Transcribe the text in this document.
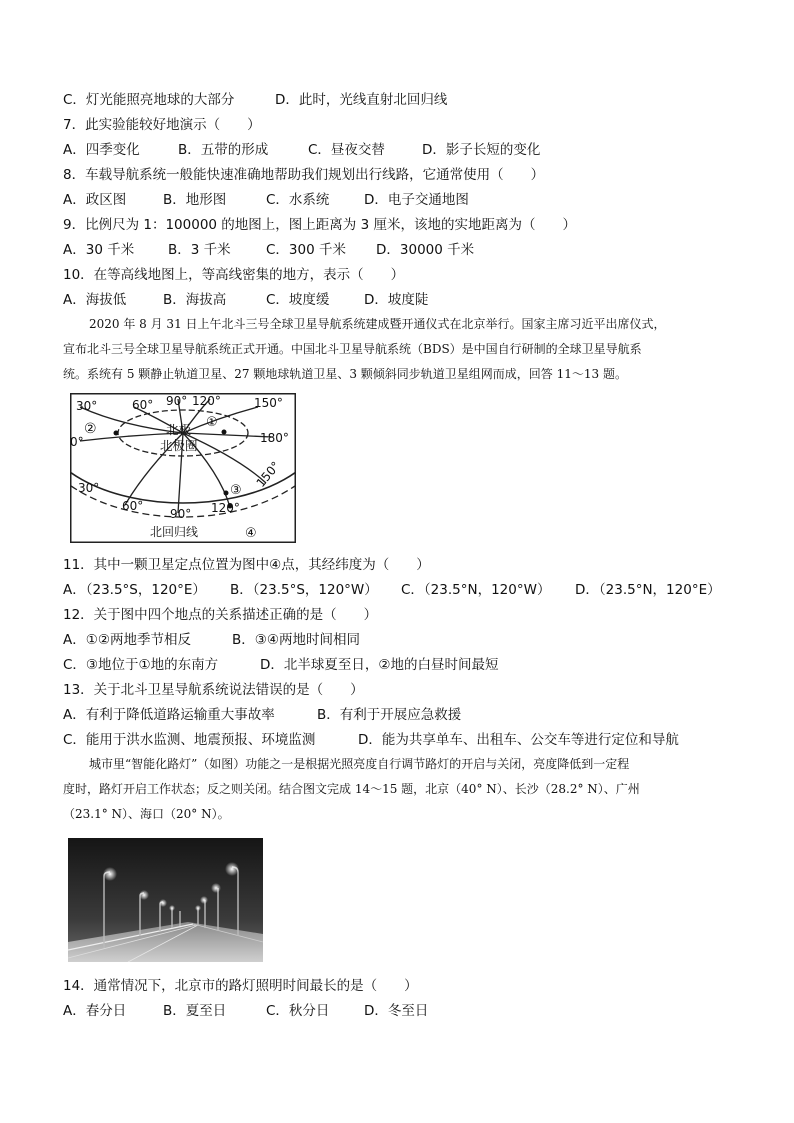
C．灯光能照亮地球的大部分	D．此时，光线直射北回归线
7．此实验能较好地演示（　　）
A．四季变化	B．五带的形成	C．昼夜交替	D．影子长短的变化
8．车载导航系统一般能快速准确地帮助我们规划出行线路，它通常使用（　　）
A．政区图	B．地形图	C．水系统	D．电子交通地图
9．比例尺为 1：100000 的地图上，图上距离为 3 厘米，该地的实地距离为（　　）
A．30 千米	B．3 千米	C．300 千米 D．30000 千米
10．在等高线地图上，等高线密集的地方，表示（　　）
A．海拔低	B．海拔高	C．坡度缓	D．坡度陡
2020 年 8 月 31 日上午北斗三号全球卫星导航系统建成暨开通仪式在北京举行。国家主席习近平出席仪式，
宣布北斗三号全球卫星导航系统正式开通。中国北斗卫星导航系统（BDS）是中国自行研制的全球卫星导航系
统。系统有 5 颗静止轨道卫星、27 颗地球轨道卫星、3 颗倾斜同步轨道卫星组网而成，回答 11～13 题。
30°	60° 90° 120°	150°
180°
0°
30°
60°
90° 120°
150°
北极
北极圈
北回归线
①
②
③
④
11．其中一颗卫星定点位置为图中④点，其经纬度为（　　）
A．（23.5°S，120°E） B．（23.5°S，120°W） C．（23.5°N，120°W） D．（23.5°N，120°E）
12．关于图中四个地点的关系描述正确的是（　　）
A．①②两地季节相反	B．③④两地时间相同
C．③地位于①地的东南方	D．北半球夏至日，②地的白昼时间最短
13．关于北斗卫星导航系统说法错误的是（　　）
A．有利于降低道路运输重大事故率	B．有利于开展应急救援
C．能用于洪水监测、地震预报、环境监测	D．能为共享单车、出租车、公交车等进行定位和导航
城市里“智能化路灯”（如图）功能之一是根据光照亮度自行调节路灯的开启与关闭，亮度降低到一定程
度时，路灯开启工作状态；反之则关闭。结合图文完成 14～15 题，北京（40° N）、长沙（28.2° N）、广州
（23.1° N）、海口（20° N）。
14．通常情况下，北京市的路灯照明时间最长的是（　　）
A．春分日	B．夏至日	C．秋分日	D．冬至日
